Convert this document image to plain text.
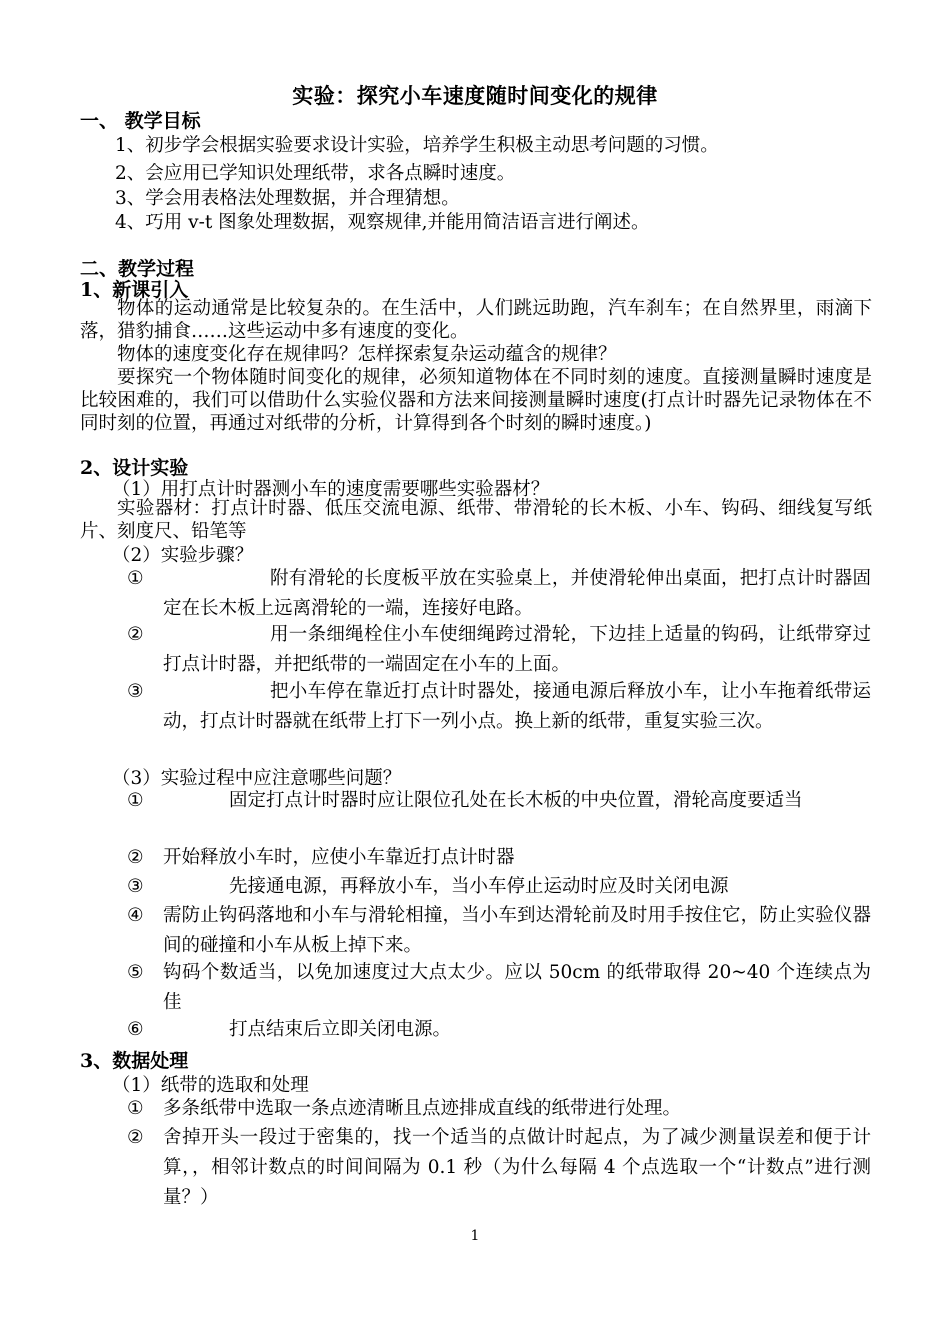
实验：探究小车速度随时间变化的规律
一、 教学目标
1、初步学会根据实验要求设计实验，培养学生积极主动思考问题的习惯。
2、会应用已学知识处理纸带，求各点瞬时速度。
3、学会用表格法处理数据，并合理猜想。
4、巧用 v-t 图象处理数据，观察规律,并能用简洁语言进行阐述。
二、教学过程
1、新课引入
物体的运动通常是比较复杂的。在生活中，人们跳远助跑，汽车刹车；在自然界里，雨滴下落，猎豹捕食……这些运动中多有速度的变化。
物体的速度变化存在规律吗？怎样探索复杂运动蕴含的规律？
要探究一个物体随时间变化的规律，必须知道物体在不同时刻的速度。直接测量瞬时速度是比较困难的，我们可以借助什么实验仪器和方法来间接测量瞬时速度(打点计时器先记录物体在不同时刻的位置，再通过对纸带的分析，计算得到各个时刻的瞬时速度。)
2、设计实验
（1）用打点计时器测小车的速度需要哪些实验器材？
实验器材：打点计时器、低压交流电源、纸带、带滑轮的长木板、小车、钩码、细线复写纸片、刻度尺、铅笔等
（2）实验步骤？
①	附有滑轮的长度板平放在实验桌上，并使滑轮伸出桌面，把打点计时器固定在长木板上远离滑轮的一端，连接好电路。
②	用一条细绳栓住小车使细绳跨过滑轮，下边挂上适量的钩码，让纸带穿过打点计时器，并把纸带的一端固定在小车的上面。
③	把小车停在靠近打点计时器处，接通电源后释放小车，让小车拖着纸带运动，打点计时器就在纸带上打下一列小点。换上新的纸带，重复实验三次。
（3）实验过程中应注意哪些问题？
①	固定打点计时器时应让限位孔处在长木板的中央位置，滑轮高度要适当
②	开始释放小车时，应使小车靠近打点计时器
③	先接通电源，再释放小车，当小车停止运动时应及时关闭电源
④	需防止钩码落地和小车与滑轮相撞，当小车到达滑轮前及时用手按住它，防止实验仪器间的碰撞和小车从板上掉下来。
⑤	钩码个数适当，以免加速度过大点太少。应以 50cm 的纸带取得 20~40 个连续点为佳
⑥	打点结束后立即关闭电源。
3、数据处理
（1）纸带的选取和处理
①	多条纸带中选取一条点迹清晰且点迹排成直线的纸带进行处理。
②	舍掉开头一段过于密集的，找一个适当的点做计时起点，为了减少测量误差和便于计算，，相邻计数点的时间间隔为 0.1 秒（为什么每隔 4 个点选取一个“计数点”进行测量？）
1
